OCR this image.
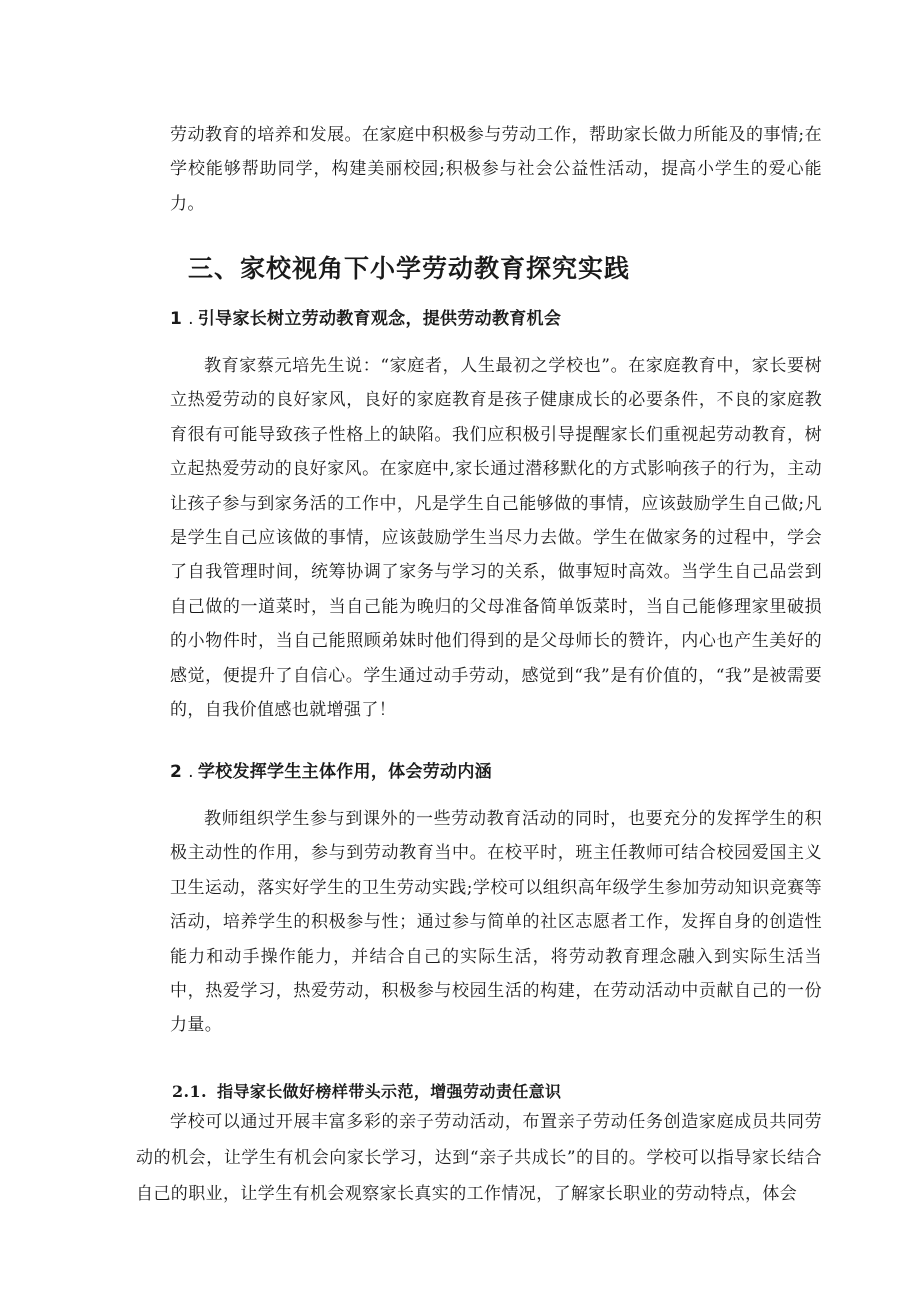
劳动教育的培养和发展。在家庭中积极参与劳动工作，帮助家长做力所能及的事情;在学校能够帮助同学，构建美丽校园;积极参与社会公益性活动，提高小学生的爱心能力。

三、家校视角下小学劳动教育探究实践
1 . 引导家长树立劳动教育观念，提供劳动教育机会

教育家蔡元培先生说：“家庭者，人生最初之学校也”。在家庭教育中，家长要树立热爱劳动的良好家风，良好的家庭教育是孩子健康成长的必要条件，不良的家庭教育很有可能导致孩子性格上的缺陷。我们应积极引导提醒家长们重视起劳动教育，树立起热爱劳动的良好家风。在家庭中,家长通过潜移默化的方式影响孩子的行为，主动让孩子参与到家务活的工作中，凡是学生自己能够做的事情，应该鼓励学生自己做;凡是学生自己应该做的事情，应该鼓励学生当尽力去做。学生在做家务的过程中，学会了自我管理时间，统筹协调了家务与学习的关系，做事短时高效。当学生自己品尝到自己做的一道菜时，当自己能为晚归的父母准备简单饭菜时，当自己能修理家里破损的小物件时，当自己能照顾弟妹时他们得到的是父母师长的赞许，内心也产生美好的感觉，便提升了自信心。学生通过动手劳动，感觉到“我”是有价值的，“我”是被需要的，自我价值感也就增强了！

2 . 学校发挥学生主体作用，体会劳动内涵

教师组织学生参与到课外的一些劳动教育活动的同时，也要充分的发挥学生的积极主动性的作用，参与到劳动教育当中。在校平时，班主任教师可结合校园爱国主义卫生运动，落实好学生的卫生劳动实践;学校可以组织高年级学生参加劳动知识竞赛等活动，培养学生的积极参与性；通过参与简单的社区志愿者工作，发挥自身的创造性能力和动手操作能力，并结合自己的实际生活，将劳动教育理念融入到实际生活当中，热爱学习，热爱劳动，积极参与校园生活的构建，在劳动活动中贡献自己的一份力量。

2.1. 指导家长做好榜样带头示范，增强劳动责任意识

学校可以通过开展丰富多彩的亲子劳动活动，布置亲子劳动任务创造家庭成员共同劳动的机会，让学生有机会向家长学习，达到“亲子共成长”的目的。学校可以指导家长结合自己的职业，让学生有机会观察家长真实的工作情况，了解家长职业的劳动特点，体会
